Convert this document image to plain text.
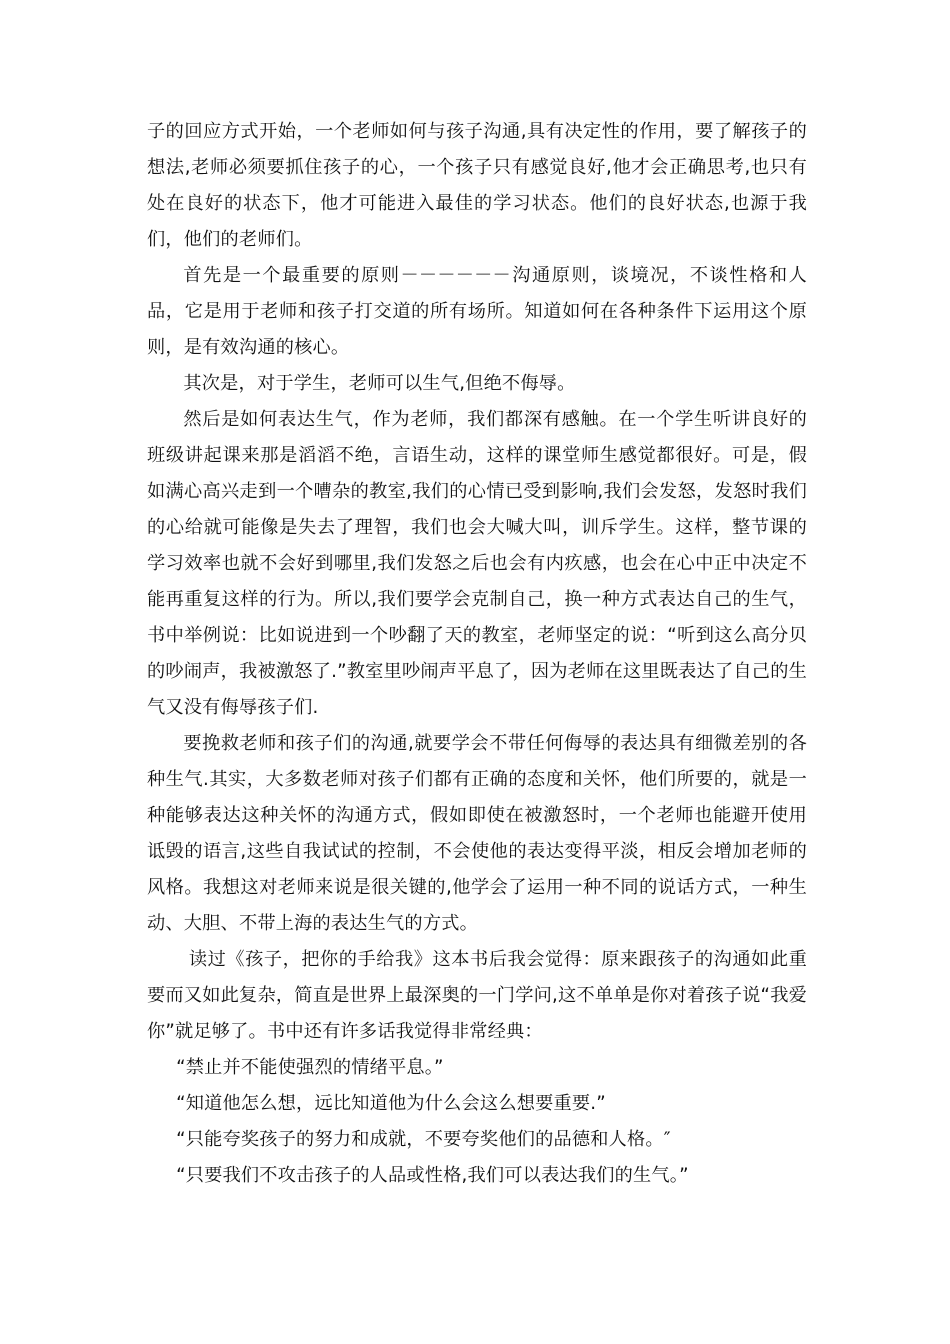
子的回应方式开始，一个老师如何与孩子沟通,具有决定性的作用，要了解孩子的想法,老师必须要抓住孩子的心，一个孩子只有感觉良好,他才会正确思考,也只有处在良好的状态下，他才可能进入最佳的学习状态。他们的良好状态,也源于我们，他们的老师们。

首先是一个最重要的原则－－－－－－沟通原则，谈境况，不谈性格和人品，它是用于老师和孩子打交道的所有场所。知道如何在各种条件下运用这个原则，是有效沟通的核心。

其次是，对于学生，老师可以生气,但绝不侮辱。

然后是如何表达生气，作为老师，我们都深有感触。在一个学生听讲良好的班级讲起课来那是滔滔不绝，言语生动，这样的课堂师生感觉都很好。可是，假如满心高兴走到一个嘈杂的教室,我们的心情已受到影响,我们会发怒，发怒时我们的心给就可能像是失去了理智，我们也会大喊大叫，训斥学生。这样，整节课的学习效率也就不会好到哪里,我们发怒之后也会有内疚感，也会在心中正中决定不能再重复这样的行为。所以,我们要学会克制自己，换一种方式表达自己的生气，书中举例说：比如说进到一个吵翻了天的教室，老师坚定的说：“听到这么高分贝的吵闹声，我被激怒了.”教室里吵闹声平息了，因为老师在这里既表达了自己的生气又没有侮辱孩子们.

要挽救老师和孩子们的沟通,就要学会不带任何侮辱的表达具有细微差别的各种生气.其实，大多数老师对孩子们都有正确的态度和关怀，他们所要的，就是一种能够表达这种关怀的沟通方式，假如即使在被激怒时，一个老师也能避开使用诋毁的语言,这些自我试试的控制，不会使他的表达变得平淡，相反会增加老师的风格。我想这对老师来说是很关键的,他学会了运用一种不同的说话方式，一种生动、大胆、不带上海的表达生气的方式。

读过《孩子，把你的手给我》这本书后我会觉得：原来跟孩子的沟通如此重要而又如此复杂，简直是世界上最深奥的一门学问,这不单单是你对着孩子说“我爱你”就足够了。书中还有许多话我觉得非常经典：

“禁止并不能使强烈的情绪平息。”

“知道他怎么想，远比知道他为什么会这么想要重要.”

“只能夸奖孩子的努力和成就，不要夸奖他们的品德和人格。″

“只要我们不攻击孩子的人品或性格,我们可以表达我们的生气。”
